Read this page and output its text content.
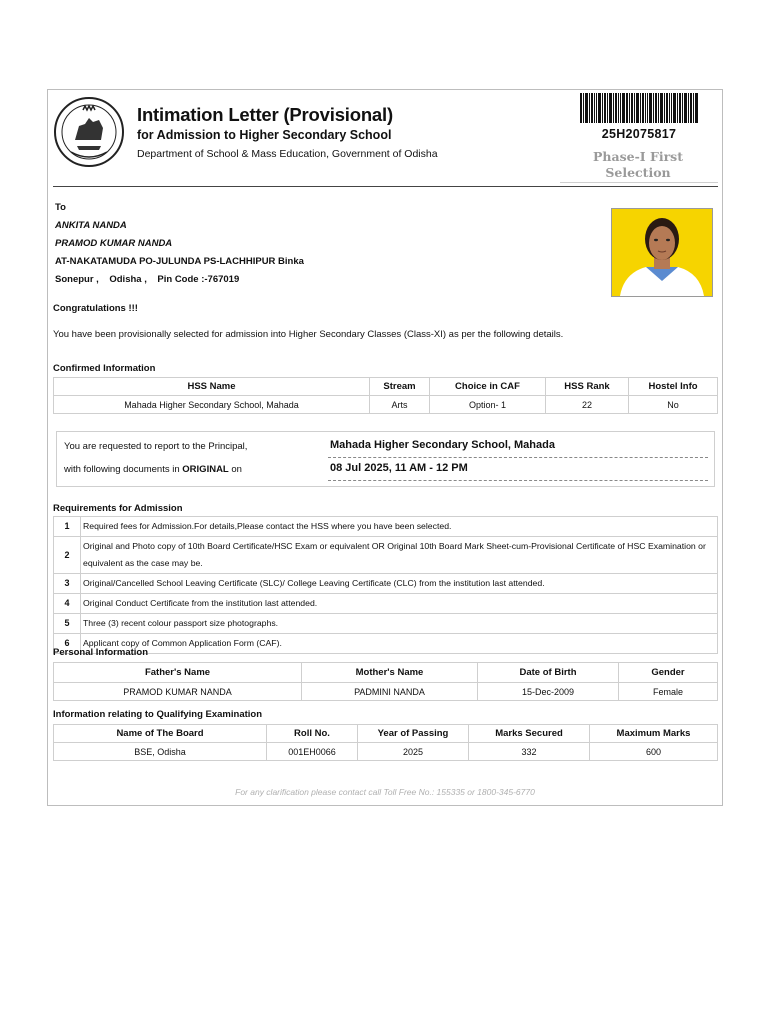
Intimation Letter (Provisional)
for Admission to Higher Secondary School
Department of School & Mass Education, Government of Odisha
25H2075817
Phase-I First
Selection
To
ANKITA NANDA
PRAMOD KUMAR NANDA
AT-NAKATAMUDA PO-JULUNDA PS-LACHHIPUR Binka
Sonepur ,    Odisha ,    Pin Code :-767019
Congratulations !!!
You have been provisionally selected for admission into Higher Secondary Classes (Class-XI) as per the following details.
Confirmed Information
HSS Name	Stream	Choice in CAF	HSS Rank	Hostel Info
Mahada Higher Secondary School, Mahada	Arts	Option- 1	22	No
You are requested to report to the Principal,
with following documents in ORIGINAL on
Mahada Higher Secondary School, Mahada
08 Jul 2025, 11 AM - 12 PM
Requirements for Admission
1	Required fees for Admission.For details,Please contact the HSS where you have been selected.
2	Original and Photo copy of 10th Board Certificate/HSC Exam or equivalent OR Original 10th Board Mark Sheet-cum-Provisional Certificate of HSC Examination or equivalent as the case may be.
3	Original/Cancelled School Leaving Certificate (SLC)/ College Leaving Certificate (CLC) from the institution last attended.
4	Original Conduct Certificate from the institution last attended.
5	Three (3) recent colour passport size photographs.
6	Applicant copy of Common Application Form (CAF).
Personal Information
Father's Name	Mother's Name	Date of Birth	Gender
PRAMOD KUMAR NANDA	PADMINI NANDA	15-Dec-2009	Female
Information relating to Qualifying Examination
Name of The Board	Roll No.	Year of Passing	Marks Secured	Maximum Marks
BSE, Odisha	001EH0066	2025	332	600
For any clarification please contact call Toll Free No.: 155335 or 1800-345-6770
